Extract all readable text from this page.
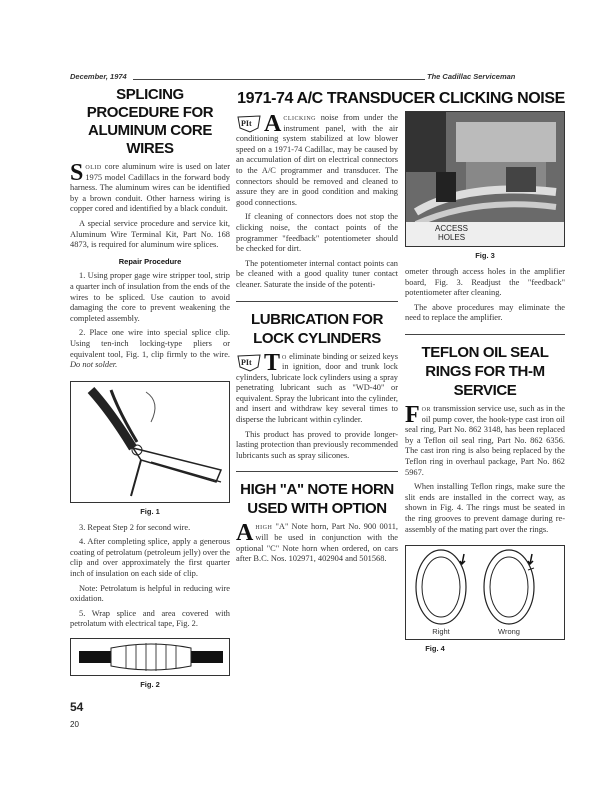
December, 1974	The Cadillac Serviceman
1971-74 A/C TRANSDUCER CLICKING NOISE
SPLICING PROCEDURE FOR ALUMINUM CORE WIRES

Solid core aluminum wire is used on later 1975 model Cadillacs in the forward body harness. The aluminum wires can be identified by a brown conduit. Other harness wiring is copper cored and identified by a black conduit.

A special service procedure and service kit, Aluminum Wire Terminal Kit, Part No. 168 4873, is required for aluminum wire splices.

Repair Procedure

1. Using proper gage wire stripper tool, strip a quarter inch of insulation from the ends of the wires to be spliced. Use caution to avoid damaging the core to prevent weakening the completed assembly.

2. Place one wire into special splice clip. Using ten-inch locking-type pliers or equivalent tool, Fig. 1, clip firmly to the wire. Do not solder.

Fig. 1

3. Repeat Step 2 for second wire.

4. After completing splice, apply a generous coating of petrolatum (petroleum jelly) over the clip and over approximately the first quarter inch of insulation on each side of clip.

Note: Petrolatum is helpful in reducing wire oxidation.

5. Wrap splice and area covered with petrolatum with electrical tape, Fig. 2.

Fig. 2
54
20

PIt A clicking noise from under the instrument panel, with the air conditioning system stabilized at low blower speed on a 1971-74 Cadillac, may be caused by an accumulation of dirt on electrical connectors to the A/C programmer and transducer. The connectors should be removed and cleaned to assure they are in good condition and making good connections.

If cleaning of connectors does not stop the clicking noise, the contact points of the programmer "feedback" potentiometer should be checked for dirt.

The potentiometer internal contact points can be cleaned with a good quality tuner contact cleaner. Saturate the inside of the potenti-

LUBRICATION FOR LOCK CYLINDERS

PIt T o eliminate binding or seized keys in ignition, door and trunk lock cylinders, lubricate lock cylinders using a spray penetrating lubricant such as "WD-40" or equivalent. Spray the lubricant into the cylinder, and insert and withdraw key several times to disperse the lubricant within cylinder.

This product has proved to provide longer-lasting protection than previously recommended lubricants such as spray silicones.

HIGH "A" NOTE HORN USED WITH OPTION

Ahigh "A" Note horn, Part No. 900 0011, will be used in conjunction with the optional "C" Note horn when ordered, on cars after B.C. Nos. 102971, 402904 and 501568.

ACCESS HOLES
Fig. 3

ometer through access holes in the amplifier board, Fig. 3. Readjust the "feedback" potentiometer after cleaning.

The above procedures may eliminate the need to replace the amplifier.

TEFLON OIL SEAL RINGS FOR TH-M SERVICE

For transmission service use, such as in the oil pump cover, the hook-type cast iron oil seal ring, Part No. 862 3148, has been replaced by a Teflon oil seal ring, Part No. 862 6356. The cast iron ring is also being replaced by the Teflon ring in overhaul package, Part No. 862 5967.

When installing Teflon rings, make sure the slit ends are installed in the correct way, as shown in Fig. 4. The rings must be seated in the ring grooves to prevent damage during re-assembly of the mating part over the rings.

Right	Wrong
Fig. 4
